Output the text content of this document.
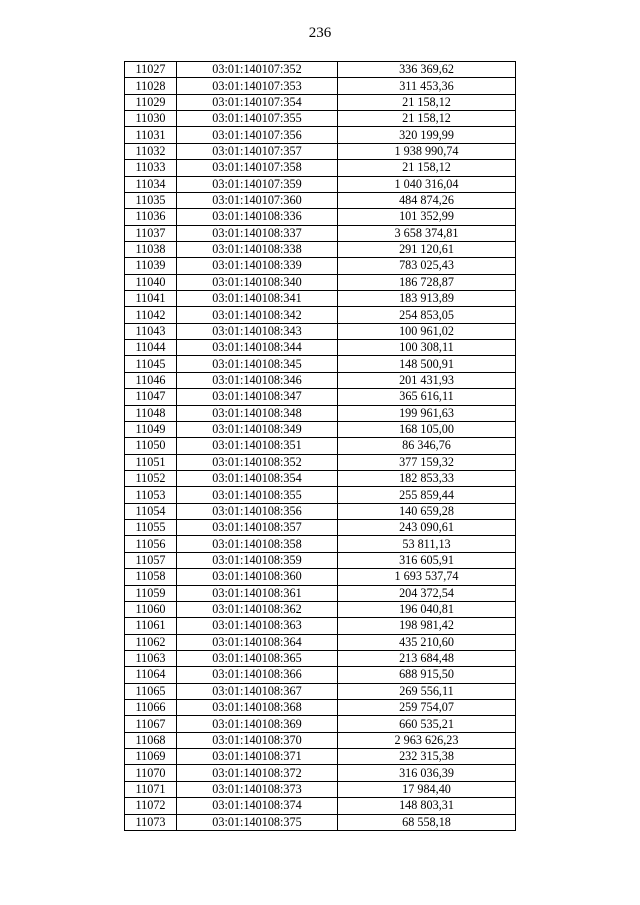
236
11027	03:01:140107:352	336 369,62
11028	03:01:140107:353	311 453,36
11029	03:01:140107:354	21 158,12
11030	03:01:140107:355	21 158,12
11031	03:01:140107:356	320 199,99
11032	03:01:140107:357	1 938 990,74
11033	03:01:140107:358	21 158,12
11034	03:01:140107:359	1 040 316,04
11035	03:01:140107:360	484 874,26
11036	03:01:140108:336	101 352,99
11037	03:01:140108:337	3 658 374,81
11038	03:01:140108:338	291 120,61
11039	03:01:140108:339	783 025,43
11040	03:01:140108:340	186 728,87
11041	03:01:140108:341	183 913,89
11042	03:01:140108:342	254 853,05
11043	03:01:140108:343	100 961,02
11044	03:01:140108:344	100 308,11
11045	03:01:140108:345	148 500,91
11046	03:01:140108:346	201 431,93
11047	03:01:140108:347	365 616,11
11048	03:01:140108:348	199 961,63
11049	03:01:140108:349	168 105,00
11050	03:01:140108:351	86 346,76
11051	03:01:140108:352	377 159,32
11052	03:01:140108:354	182 853,33
11053	03:01:140108:355	255 859,44
11054	03:01:140108:356	140 659,28
11055	03:01:140108:357	243 090,61
11056	03:01:140108:358	53 811,13
11057	03:01:140108:359	316 605,91
11058	03:01:140108:360	1 693 537,74
11059	03:01:140108:361	204 372,54
11060	03:01:140108:362	196 040,81
11061	03:01:140108:363	198 981,42
11062	03:01:140108:364	435 210,60
11063	03:01:140108:365	213 684,48
11064	03:01:140108:366	688 915,50
11065	03:01:140108:367	269 556,11
11066	03:01:140108:368	259 754,07
11067	03:01:140108:369	660 535,21
11068	03:01:140108:370	2 963 626,23
11069	03:01:140108:371	232 315,38
11070	03:01:140108:372	316 036,39
11071	03:01:140108:373	17 984,40
11072	03:01:140108:374	148 803,31
11073	03:01:140108:375	68 558,18
